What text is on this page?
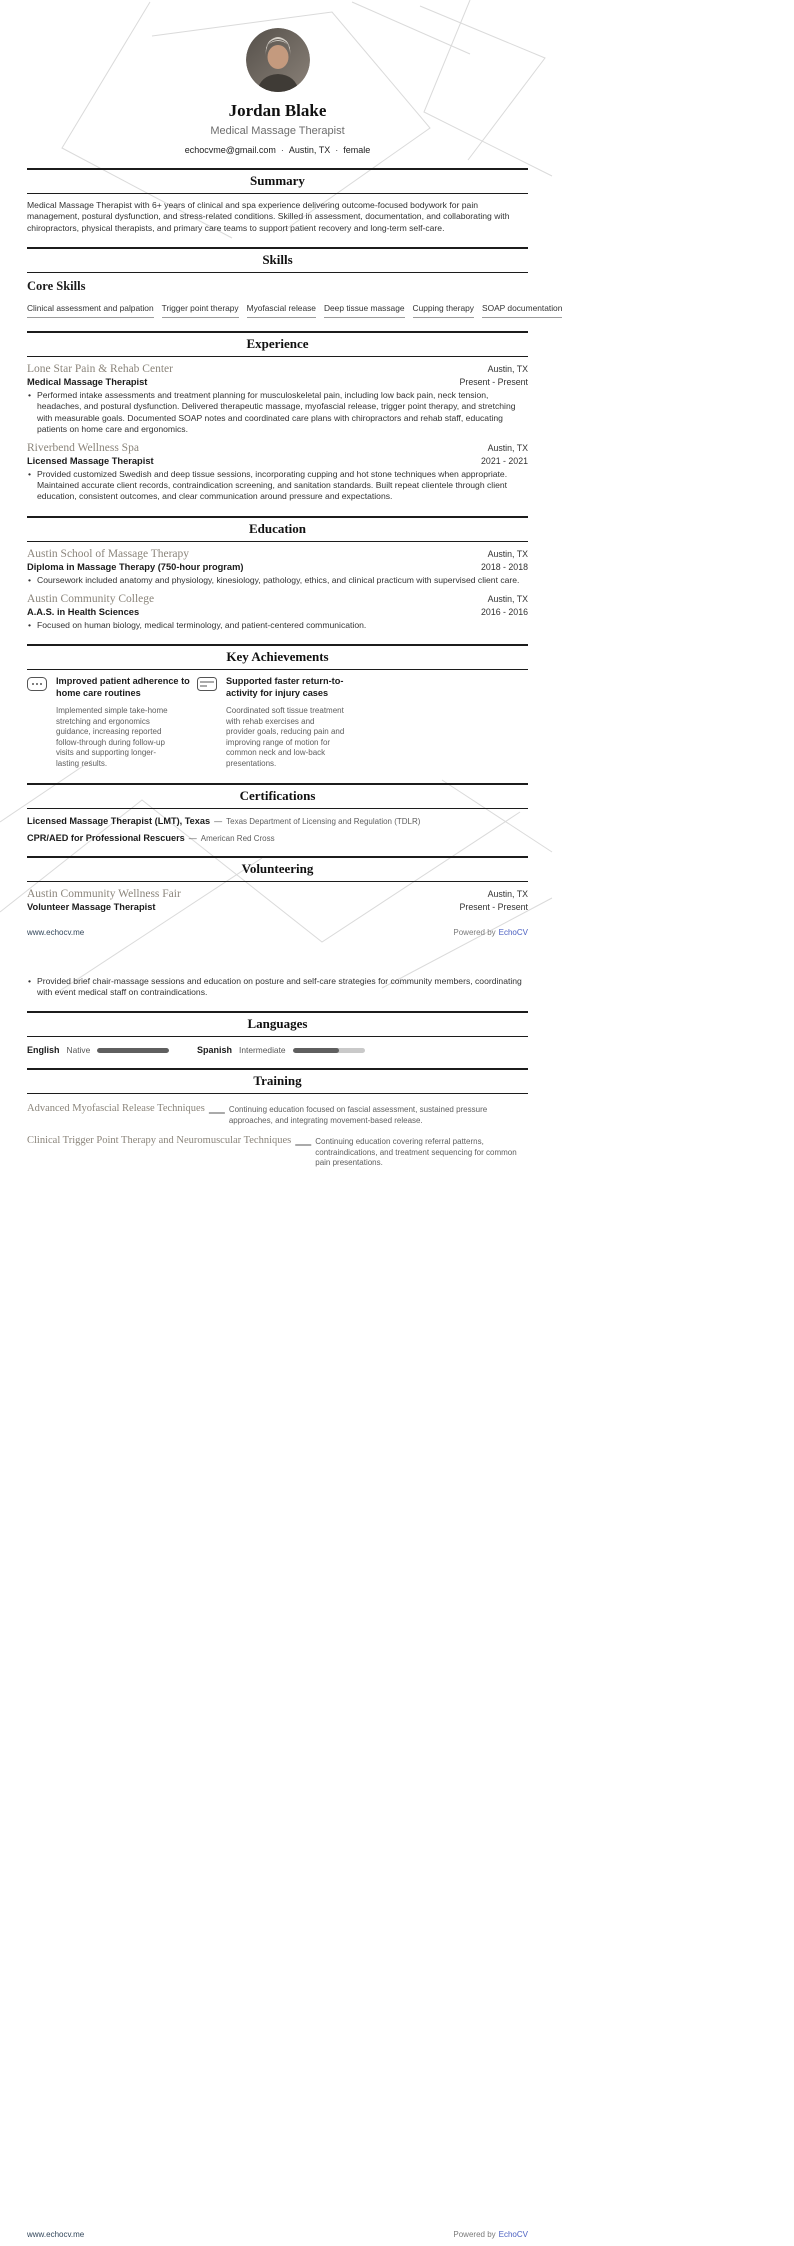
Jordan Blake
Medical Massage Therapist
echocvme@gmail.com · Austin, TX · female
Summary

Medical Massage Therapist with 6+ years of clinical and spa experience delivering outcome-focused bodywork for pain management, postural dysfunction, and stress-related conditions. Skilled in assessment, documentation, and collaborating with chiropractors, physical therapists, and primary care teams to support patient recovery and long-term self-care.

Skills
Core Skills
Clinical assessment and palpation Trigger point therapy Myofascial release Deep tissue massage Cupping therapy SOAP documentation
Experience
Lone Star Pain & Rehab Center	Austin, TX
Medical Massage Therapist	Present - Present
• Performed intake assessments and treatment planning for musculoskeletal pain, including low back pain, neck tension, headaches, and postural dysfunction. Delivered therapeutic massage, myofascial release, trigger point therapy, and stretching with measurable goals. Documented SOAP notes and coordinated care plans with chiropractors and rehab staff, educating patients on home care and ergonomics.
Riverbend Wellness Spa	Austin, TX
Licensed Massage Therapist	2021 - 2021
• Provided customized Swedish and deep tissue sessions, incorporating cupping and hot stone techniques when appropriate. Maintained accurate client records, contraindication screening, and sanitation standards. Built repeat clientele through client education, consistent outcomes, and clear communication around pressure and expectations.
Education
Austin School of Massage Therapy	Austin, TX
Diploma in Massage Therapy (750-hour program)	2018 - 2018
• Coursework included anatomy and physiology, kinesiology, pathology, ethics, and clinical practicum with supervised client care.
Austin Community College	Austin, TX
A.A.S. in Health Sciences	2016 - 2016
• Focused on human biology, medical terminology, and patient-centered communication.
Key Achievements
Improved patient adherence to home care routines
Implemented simple take-home stretching and ergonomics guidance, increasing reported follow-through during follow-up visits and supporting longer-lasting results.
Supported faster return-to-activity for injury cases
Coordinated soft tissue treatment with rehab exercises and provider goals, reducing pain and improving range of motion for common neck and low-back presentations.
Certifications
Licensed Massage Therapist (LMT), Texas — Texas Department of Licensing and Regulation (TDLR)
CPR/AED for Professional Rescuers — American Red Cross
Volunteering
Austin Community Wellness Fair	Austin, TX
Volunteer Massage Therapist	Present - Present
www.echocv.me	Powered by EchoCV
• Provided brief chair-massage sessions and education on posture and self-care strategies for community members, coordinating with event medical staff on contraindications.
Languages
English Native	Spanish Intermediate
Training
Advanced Myofascial Release Techniques — Continuing education focused on fascial assessment, sustained pressure approaches, and integrating movement-based release.
Clinical Trigger Point Therapy and Neuromuscular Techniques — Continuing education covering referral patterns, contraindications, and treatment sequencing for common pain presentations.
www.echocv.me	Powered by EchoCV
